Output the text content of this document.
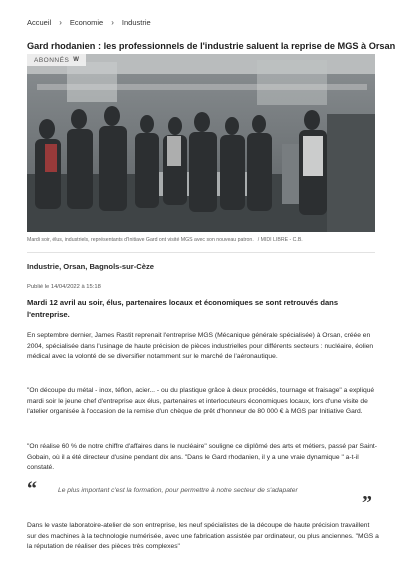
Accueil › Economie › Industrie
Gard rhodanien : les professionnels de l'industrie saluent la reprise de MGS à Orsan
ABONNÉS W
Mardi soir, élus, industriels, représentants d'Initiave Gard ont visité MGS avec son nouveau patron. / MIDI LIBRE - C.B.
Industrie, Orsan, Bagnols-sur-Cèze
Publié le 14/04/2022 à 15:18

Mardi 12 avril au soir, élus, partenaires locaux et économiques se sont retrouvés dans l'entreprise.

En septembre dernier, James Rastit reprenait l'entreprise MGS (Mécanique générale spécialisée) à Orsan, créée en 2004, spécialisée dans l'usinage de haute précision de pièces industrielles pour différents secteurs : nucléaire, éolien médical avec la volonté de se diversifier notamment sur le marché de l'aéronautique.

"On découpe du métal - inox, téflon, acier... - ou du plastique grâce à deux procédés, tournage et fraisage" a expliqué mardi soir le jeune chef d'entreprise aux élus, partenaires et interlocuteurs économiques locaux, lors d'une visite de l'atelier organisée à l'occasion de la remise d'un chèque de prêt d'honneur de 80 000 € à MGS par Initiative Gard.

"On réalise 60 % de notre chiffre d'affaires dans le nucléaire" souligne ce diplômé des arts et métiers, passé par Saint-Gobain, où il a été directeur d'usine pendant dix ans. "Dans le Gard rhodanien, il y a une vraie dynamique " a-t-il constaté.

“	Le plus important c'est la formation, pour permettre à notre secteur de s'adapater
”

Dans le vaste laboratoire-atelier de son entreprise, les neuf spécialistes de la découpe de haute précision travaillent sur des machines à la technologie numérisée, avec une fabrication assistée par ordinateur, ou plus anciennes. "MGS a la réputation de réaliser des pièces très complexes"
